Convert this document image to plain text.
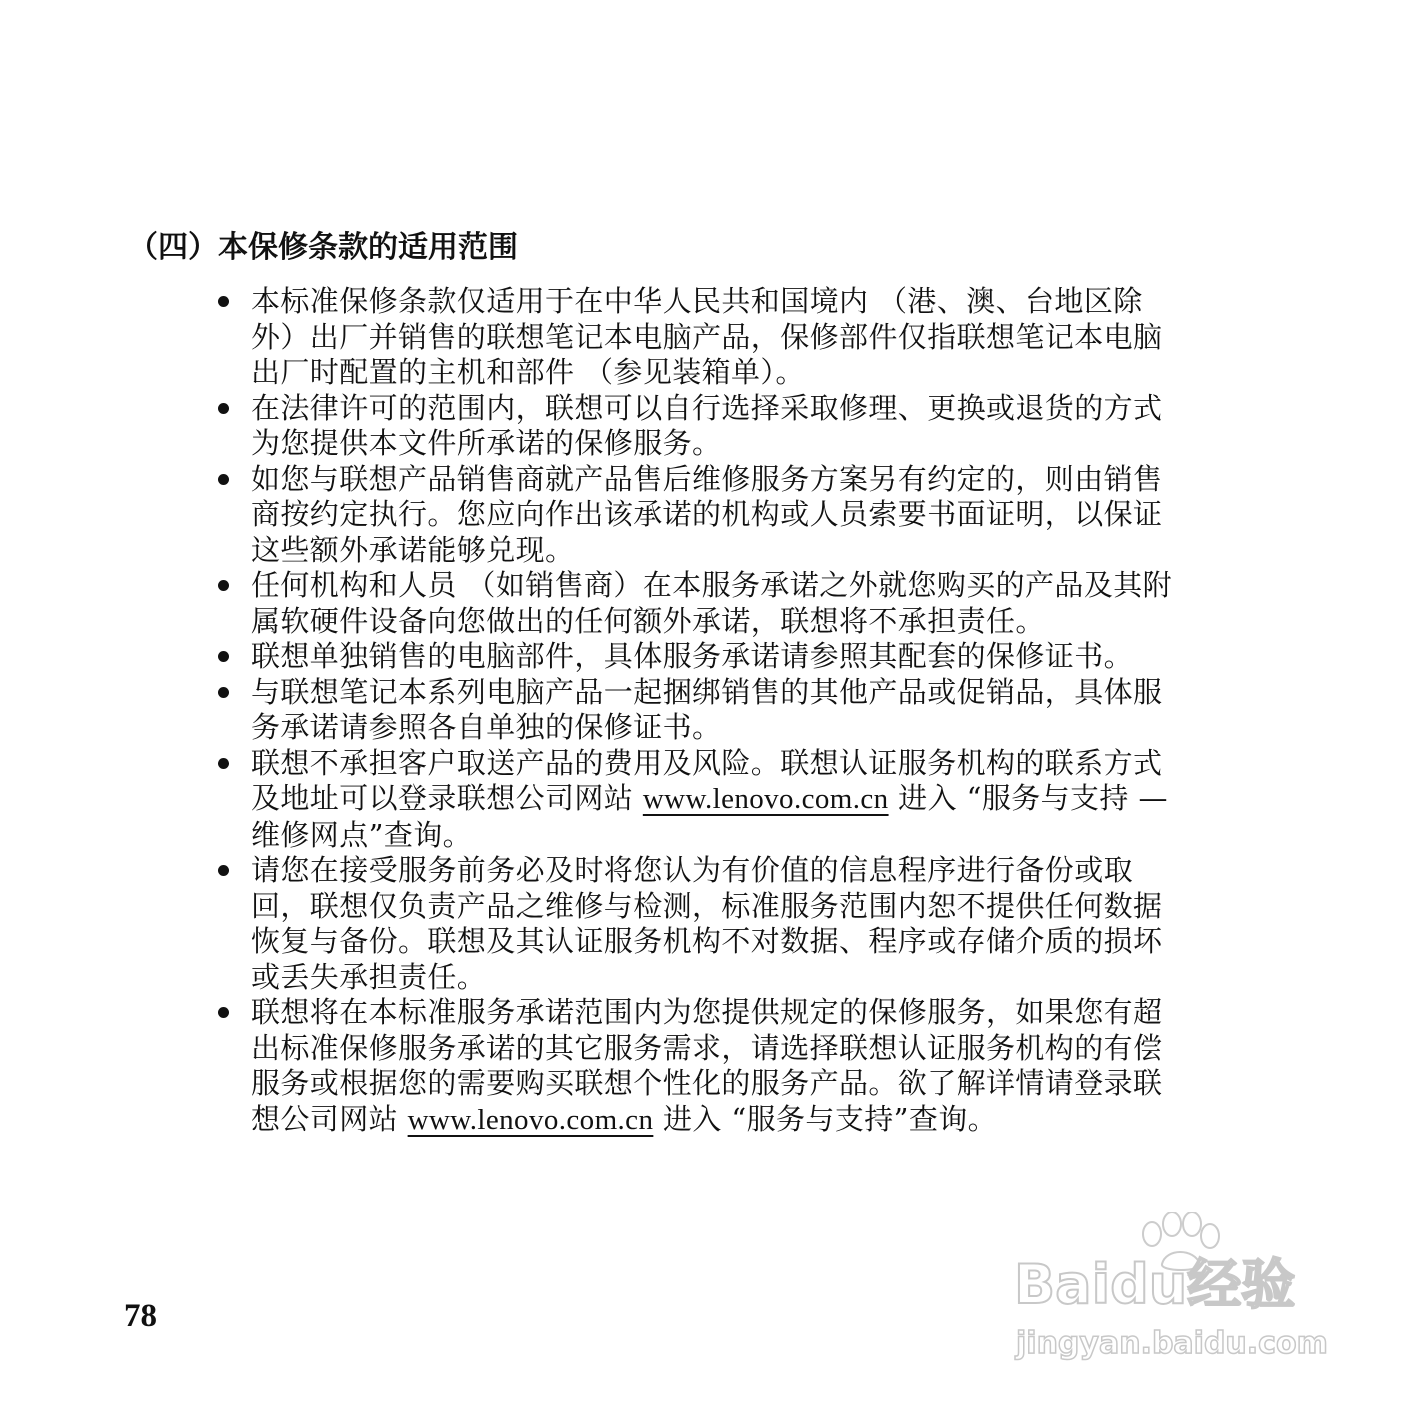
（四）本保修条款的适用范围
本标准保修条款仅适用于在中华人民共和国境内 （港、澳、台地区除
外）出厂并销售的联想笔记本电脑产品，保修部件仅指联想笔记本电脑
出厂时配置的主机和部件 （参见装箱单）。
在法律许可的范围内，联想可以自行选择采取修理、更换或退货的方式
为您提供本文件所承诺的保修服务。
如您与联想产品销售商就产品售后维修服务方案另有约定的，则由销售
商按约定执行。您应向作出该承诺的机构或人员索要书面证明，以保证
这些额外承诺能够兑现。
任何机构和人员 （如销售商）在本服务承诺之外就您购买的产品及其附
属软硬件设备向您做出的任何额外承诺，联想将不承担责任。
联想单独销售的电脑部件，具体服务承诺请参照其配套的保修证书。
与联想笔记本系列电脑产品一起捆绑销售的其他产品或促销品，具体服
务承诺请参照各自单独的保修证书。
联想不承担客户取送产品的费用及风险。联想认证服务机构的联系方式
及地址可以登录联想公司网站 www.lenovo.com.cn 进入 “服务与支持 —
维修网点”查询。
请您在接受服务前务必及时将您认为有价值的信息程序进行备份或取
回，联想仅负责产品之维修与检测，标准服务范围内恕不提供任何数据
恢复与备份。联想及其认证服务机构不对数据、程序或存储介质的损坏
或丢失承担责任。
联想将在本标准服务承诺范围内为您提供规定的保修服务，如果您有超
出标准保修服务承诺的其它服务需求，请选择联想认证服务机构的有偿
服务或根据您的需要购买联想个性化的服务产品。欲了解详情请登录联
想公司网站 www.lenovo.com.cn 进入 “服务与支持”查询。
78	Baidu经验
jingyan.baidu.com
